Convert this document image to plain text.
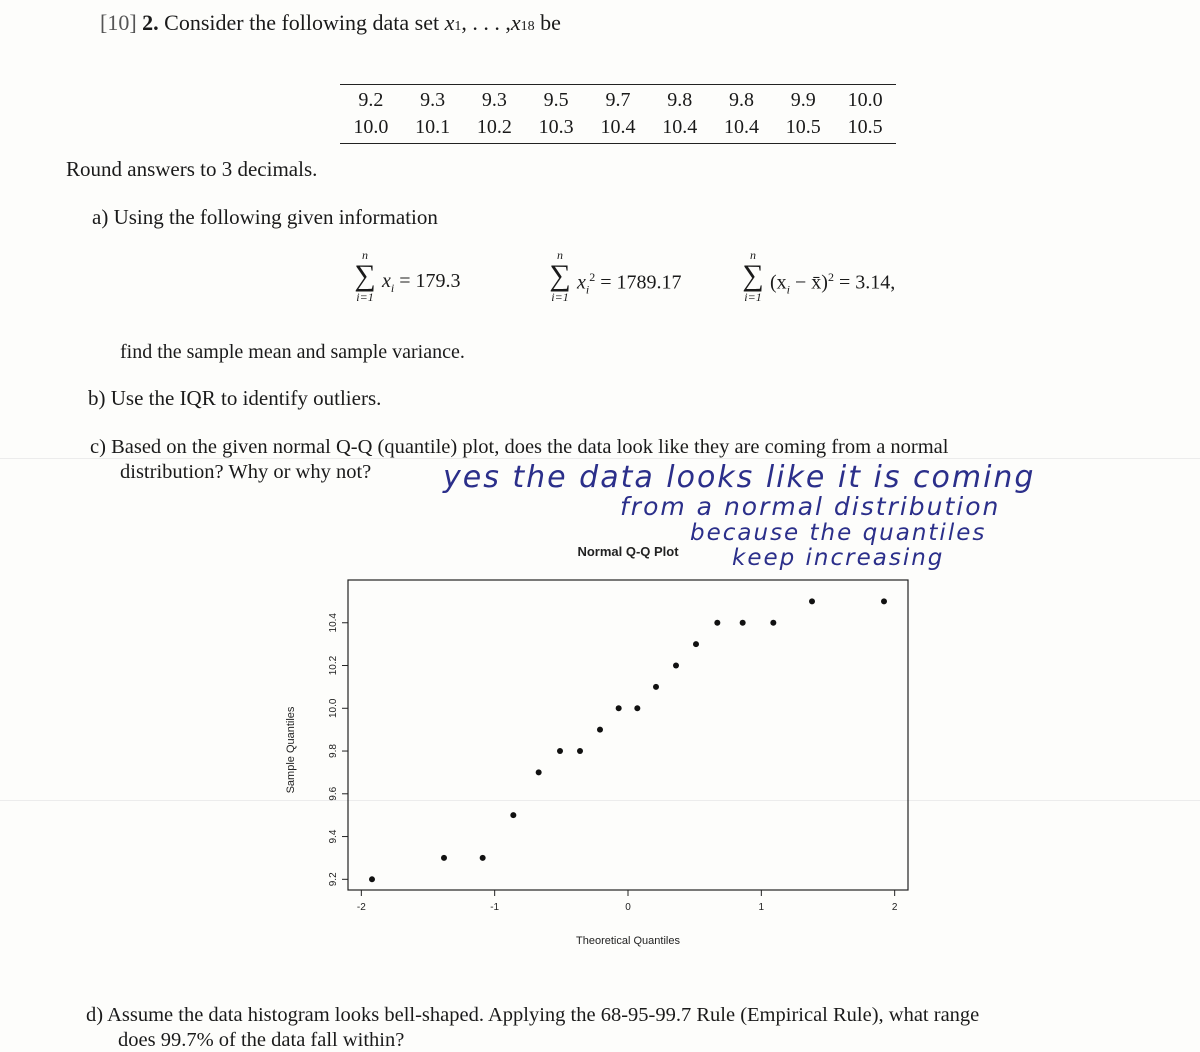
[10] 2. Consider the following data set x1, . . . ,x18 be
9.2	9.3	9.3	9.5	9.7	9.8	9.8	9.9	10.0
10.0	10.1	10.2	10.3	10.4	10.4	10.4	10.5	10.5
Round answers to 3 decimals.
a) Using the following given information
n
∑
i=1
$x_i = 179.3$
n
∑
i=1
$x_i^2 = 1789.17$
n
∑
i=1
($x_i$ − x̄)$^2$ = 3.14,
find the sample mean and sample variance.
b) Use the IQR to identify outliers.
c) Based on the given normal Q-Q (quantile) plot, does the data look like they are coming from a normal
distribution? Why or why not? yes the data looks like it is coming
from a normal distribution
because the quantiles
keep increasing
Normal Q-Q Plot
-2	-1	0	1	2
9.2
9.4
9.6
9.8
10.0
10.2
10.4
Theoretical Quantiles
Sample Quantiles
d) Assume the data histogram looks bell-shaped. Applying the 68-95-99.7 Rule (Empirical Rule), what range
does 99.7% of the data fall within?
